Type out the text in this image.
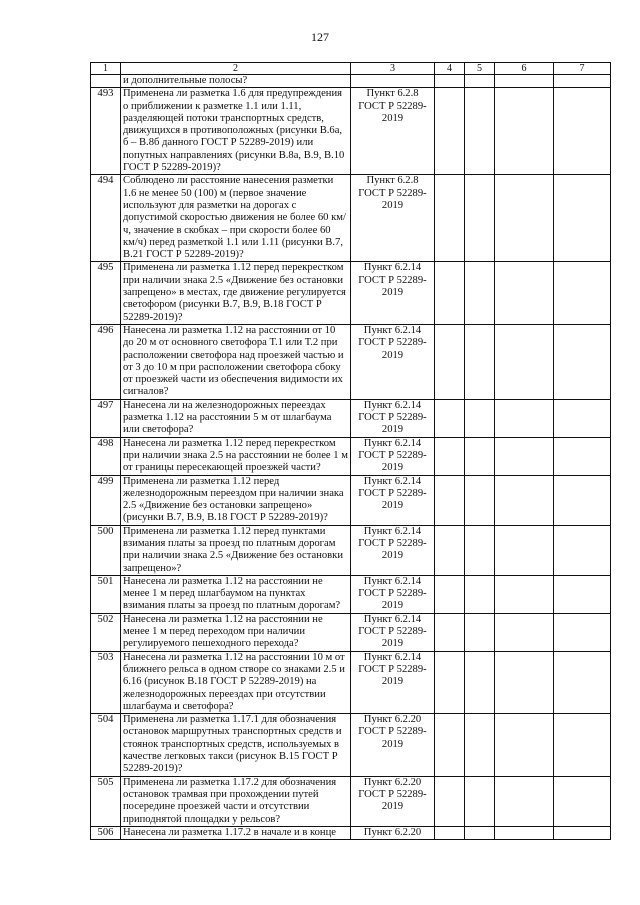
127
1	2	3	4	5	6	7
	и дополнительные полосы?					
493	Применена ли разметка 1.6 для предупреждения о приближении к разметке 1.1 или 1.11, разделяющей потоки транспортных средств, движущихся в противоположных (рисунки В.6а, б – В.8б данного ГОСТ Р 52289-2019) или попутных направлениях (рисунки В.8а, В.9, В.10 ГОСТ Р 52289-2019)?	Пункт 6.2.8 ГОСТ Р 52289-2019				
494	Соблюдено ли расстояние нанесения разметки 1.6 не менее 50 (100) м (первое значение используют для разметки на дорогах с допустимой скоростью движения не более 60 км/ч, значение в скобках – при скорости более 60 км/ч) перед разметкой 1.1 или 1.11 (рисунки В.7, В.21 ГОСТ Р 52289-2019)?	Пункт 6.2.8 ГОСТ Р 52289-2019				
495	Применена ли разметка 1.12 перед перекрестком при наличии знака 2.5 «Движение без остановки запрещено» в местах, где движение регулируется светофором (рисунки В.7, В.9, В.18 ГОСТ Р 52289-2019)?	Пункт 6.2.14 ГОСТ Р 52289-2019				
496	Нанесена ли разметка 1.12 на расстоянии от 10 до 20 м от основного светофора Т.1 или Т.2 при расположении светофора над проезжей частью и от 3 до 10 м при расположении светофора сбоку от проезжей части из обеспечения видимости их сигналов?	Пункт 6.2.14 ГОСТ Р 52289-2019				
497	Нанесена ли на железнодорожных переездах разметка 1.12 на расстоянии 5 м от шлагбаума или светофора?	Пункт 6.2.14 ГОСТ Р 52289-2019				
498	Нанесена ли разметка 1.12 перед перекрестком при наличии знака 2.5 на расстоянии не более 1 м от границы пересекающей проезжей части?	Пункт 6.2.14 ГОСТ Р 52289-2019				
499	Применена ли разметка 1.12 перед железнодорожным переездом при наличии знака 2.5 «Движение без остановки запрещено» (рисунки В.7, В.9, В.18 ГОСТ Р 52289-2019)?	Пункт 6.2.14 ГОСТ Р 52289-2019				
500	Применена ли разметка 1.12 перед пунктами взимания платы за проезд по платным дорогам при наличии знака 2.5 «Движение без остановки запрещено»?	Пункт 6.2.14 ГОСТ Р 52289-2019				
501	Нанесена ли разметка 1.12 на расстоянии не менее 1 м перед шлагбаумом на пунктах взимания платы за проезд по платным дорогам?	Пункт 6.2.14 ГОСТ Р 52289-2019				
502	Нанесена ли разметка 1.12 на расстоянии не менее 1 м перед переходом при наличии регулируемого пешеходного перехода?	Пункт 6.2.14 ГОСТ Р 52289-2019				
503	Нанесена ли разметка 1.12 на расстоянии 10 м от ближнего рельса в одном створе со знаками 2.5 и 6.16 (рисунок В.18 ГОСТ Р 52289-2019) на железнодорожных переездах при отсутствии шлагбаума и светофора?	Пункт 6.2.14 ГОСТ Р 52289-2019				
504	Применена ли разметка 1.17.1 для обозначения остановок маршрутных транспортных средств и стоянок транспортных средств, используемых в качестве легковых такси (рисунок В.15 ГОСТ Р 52289-2019)?	Пункт 6.2.20 ГОСТ Р 52289-2019				
505	Применена ли разметка 1.17.2 для обозначения остановок трамвая при прохождении путей посередине проезжей части и отсутствии приподнятой площадки у рельсов?	Пункт 6.2.20 ГОСТ Р 52289-2019				
506	Нанесена ли разметка 1.17.2 в начале и в конце	Пункт 6.2.20				
